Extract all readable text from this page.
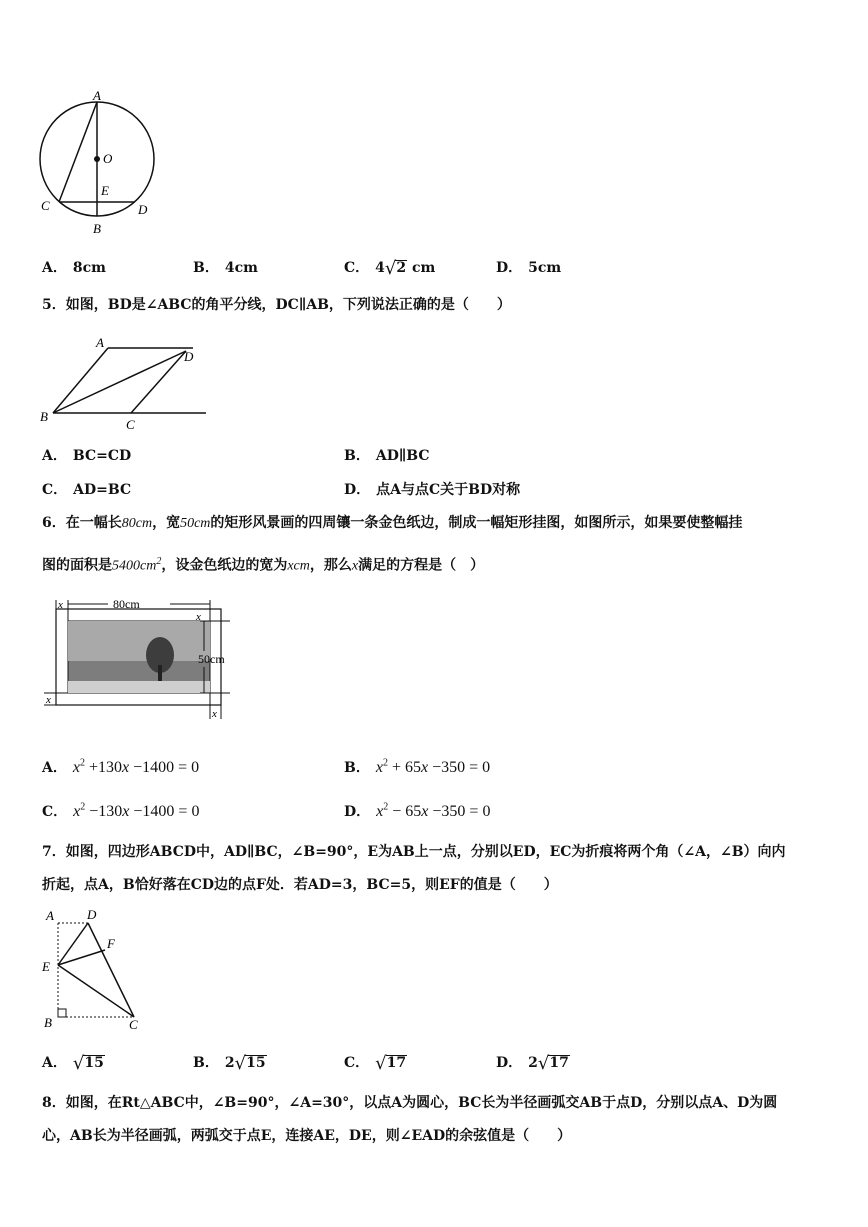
A
O
E
C	D
B
A． 8cm	B． 4cm	C． 4√2 cm	D． 5cm
5．如图，BD是∠ABC的角平分线，DC∥AB，下列说法正确的是（　　）
A
D
B
C
A． BC=CD	B． AD∥BC
C． AD=BC	D． 点A与点C关于BD对称
6．在一幅长80cm，宽50cm的矩形风景画的四周镶一条金色纸边，制成一幅矩形挂图，如图所示，如果要使整幅挂
图的面积是$5400cm^2$，设金色纸边的宽为xcm，那么x满足的方程是（　）
x	80cm
x
50cm
x
x
A． $x^2 +130x -1400 = 0$	B． $x^2 + 65x -350 = 0$
C． $x^2 -130x -1400 = 0$	D． $x^2 - 65x -350 = 0$
7．如图，四边形ABCD中，AD∥BC，∠B=90°，E为AB上一点，分别以ED，EC为折痕将两个角（∠A，∠B）向内
折起，点A，B恰好落在CD边的点F处．若AD=3，BC=5，则EF的值是（　　）
A	D
F
E
B	C
A． √15	B． 2√15	C． √17	D． 2√17
8．如图，在Rt△ABC中，∠B=90°，∠A=30°，以点A为圆心，BC长为半径画弧交AB于点D，分别以点A、D为圆
心，AB长为半径画弧，两弧交于点E，连接AE，DE，则∠EAD的余弦值是（　　）
